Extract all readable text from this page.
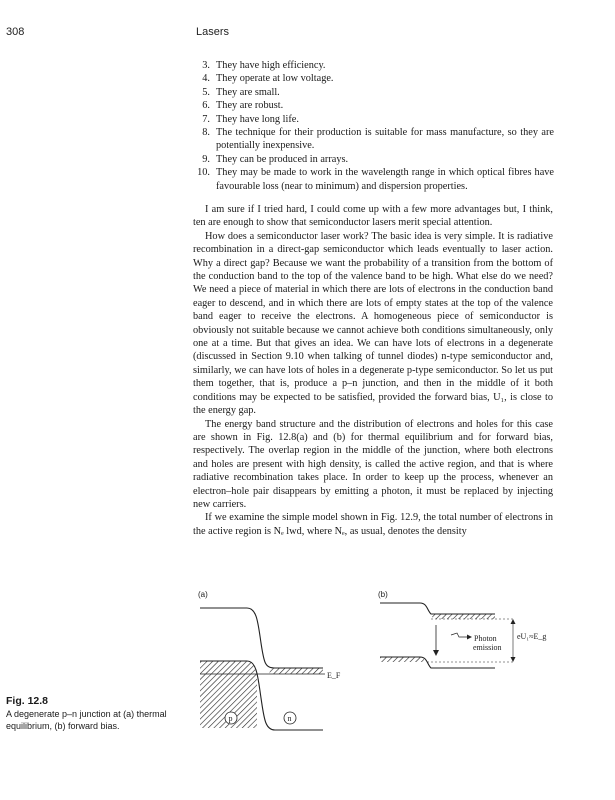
308	Lasers
3. They have high efficiency.
4. They operate at low voltage.
5. They are small.
6. They are robust.
7. They have long life.
8. The technique for their production is suitable for mass manufacture, so they are potentially inexpensive.
9. They can be produced in arrays.
10. They may be made to work in the wavelength range in which optical fibres have favourable loss (near to minimum) and dispersion properties.

I am sure if I tried hard, I could come up with a few more advantages but, I think, ten are enough to show that semiconductor lasers merit special attention.

How does a semiconductor laser work? The basic idea is very simple. It is radiative recombination in a direct-gap semiconductor which leads eventually to laser action. Why a direct gap? Because we want the probability of a transition from the bottom of the conduction band to the top of the valence band to be high. What else do we need? We need a piece of material in which there are lots of electrons in the conduction band eager to descend, and in which there are lots of empty states at the top of the valence band eager to receive the electrons. A homogeneous piece of semiconductor is obviously not suitable because we cannot achieve both conditions simultaneously, only one at a time. But that gives an idea. We can have lots of electrons in a degenerate (discussed in Section 9.10 when talking of tunnel diodes) n-type semiconductor and, similarly, we can have lots of holes in a degenerate p-type semiconductor. So let us put them together, that is, produce a p–n junction, and then in the middle of it both conditions may be expected to be satisfied, provided the forward bias, U₁, is close to the energy gap.

The energy band structure and the distribution of electrons and holes for this case are shown in Fig. 12.8(a) and (b) for thermal equilibrium and for forward bias, respectively. The overlap region in the middle of the junction, where both electrons and holes are present with high density, is called the active region, and that is where radiative recombination takes place. In order to keep up the process, whenever an electron–hole pair disappears by emitting a photon, it must be replaced by injecting new carriers.

If we examine the simple model shown in Fig. 12.9, the total number of electrons in the active region is Nₑ lwd, where Nₑ, as usual, denotes the density

(a)
E_F
p	n
(b)
Photon
emission
eU₁≈E_g
Fig. 12.8
A degenerate p–n junction at (a) thermal equilibrium, (b) forward bias.
